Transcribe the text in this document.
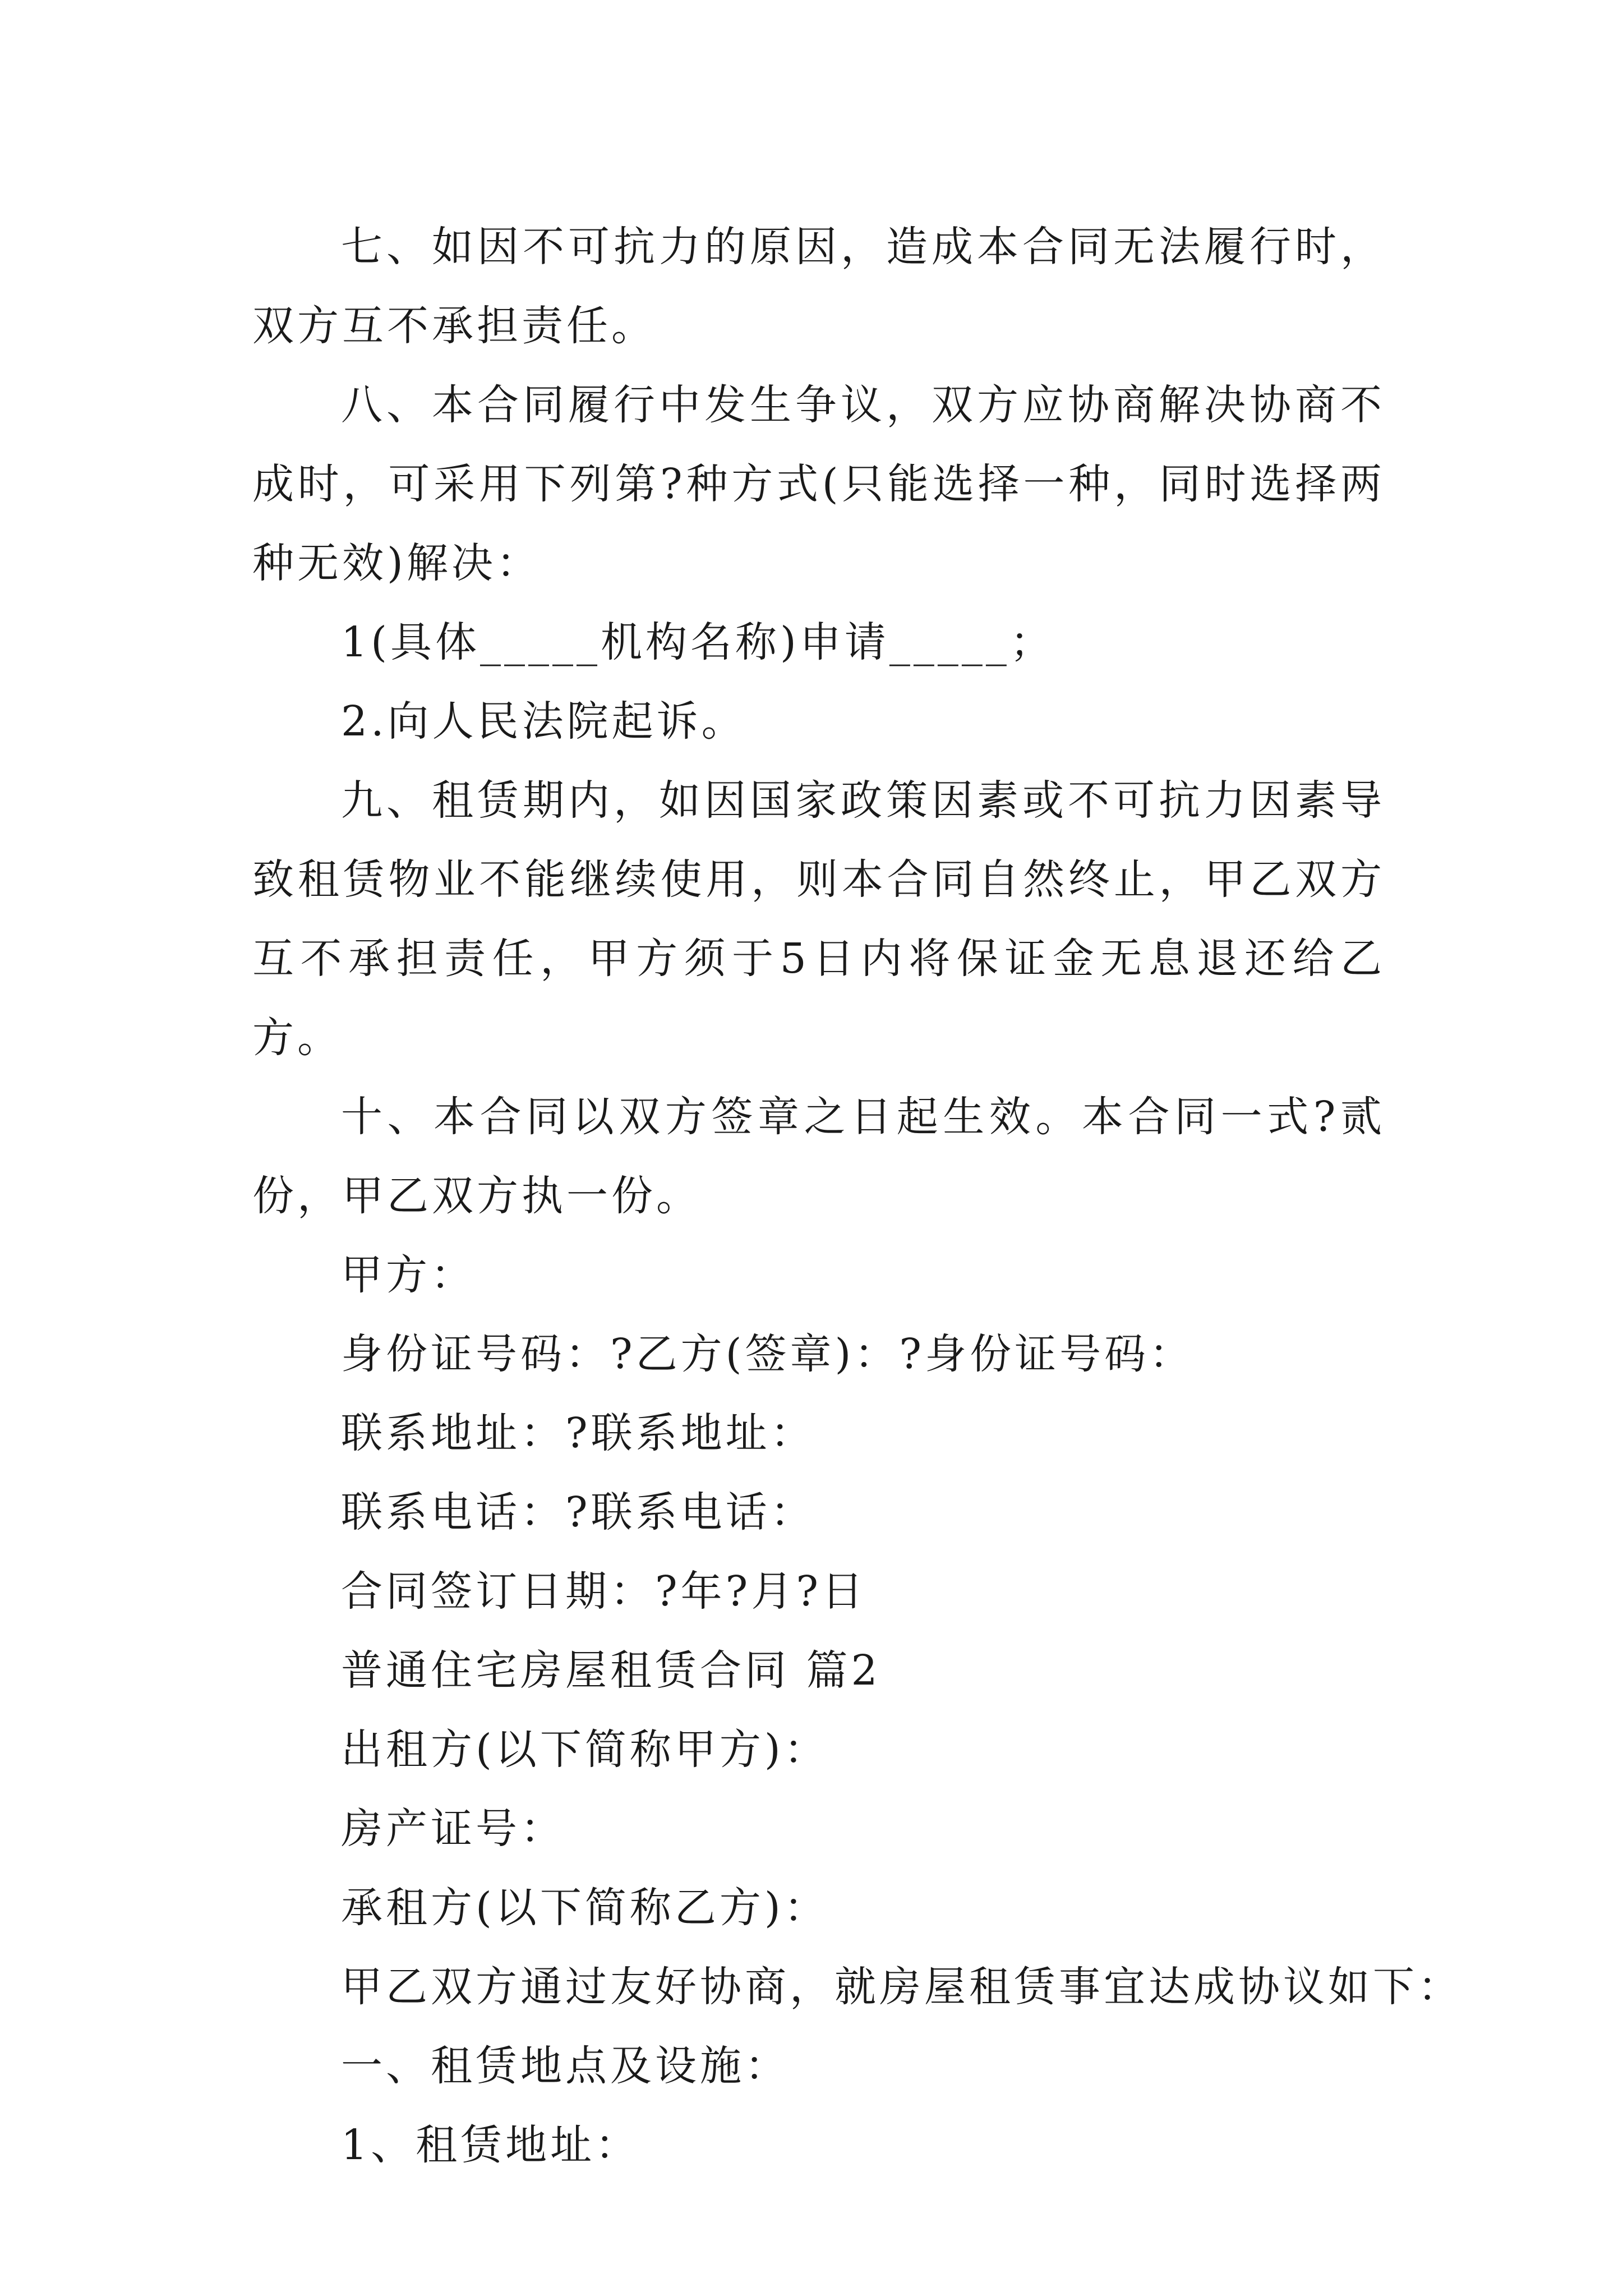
七、如因不可抗力的原因，造成本合同无法履行时，双方互不承担责任。

八、本合同履行中发生争议，双方应协商解决协商不成时，可采用下列第?种方式(只能选择一种，同时选择两种无效)解决：

1(具体_____机构名称)申请_____；

2.向人民法院起诉。

九、租赁期内，如因国家政策因素或不可抗力因素导致租赁物业不能继续使用，则本合同自然终止，甲乙双方互不承担责任，甲方须于5日内将保证金无息退还给乙方。

十、本合同以双方签章之日起生效。本合同一式?贰份，甲乙双方执一份。

甲方：

身份证号码：?乙方(签章)：?身份证号码：

联系地址：?联系地址：

联系电话：?联系电话：

合同签订日期：?年?月?日

普通住宅房屋租赁合同 篇2

出租方(以下简称甲方)：

房产证号：

承租方(以下简称乙方)：

甲乙双方通过友好协商，就房屋租赁事宜达成协议如下：

一、租赁地点及设施：

1、租赁地址：
